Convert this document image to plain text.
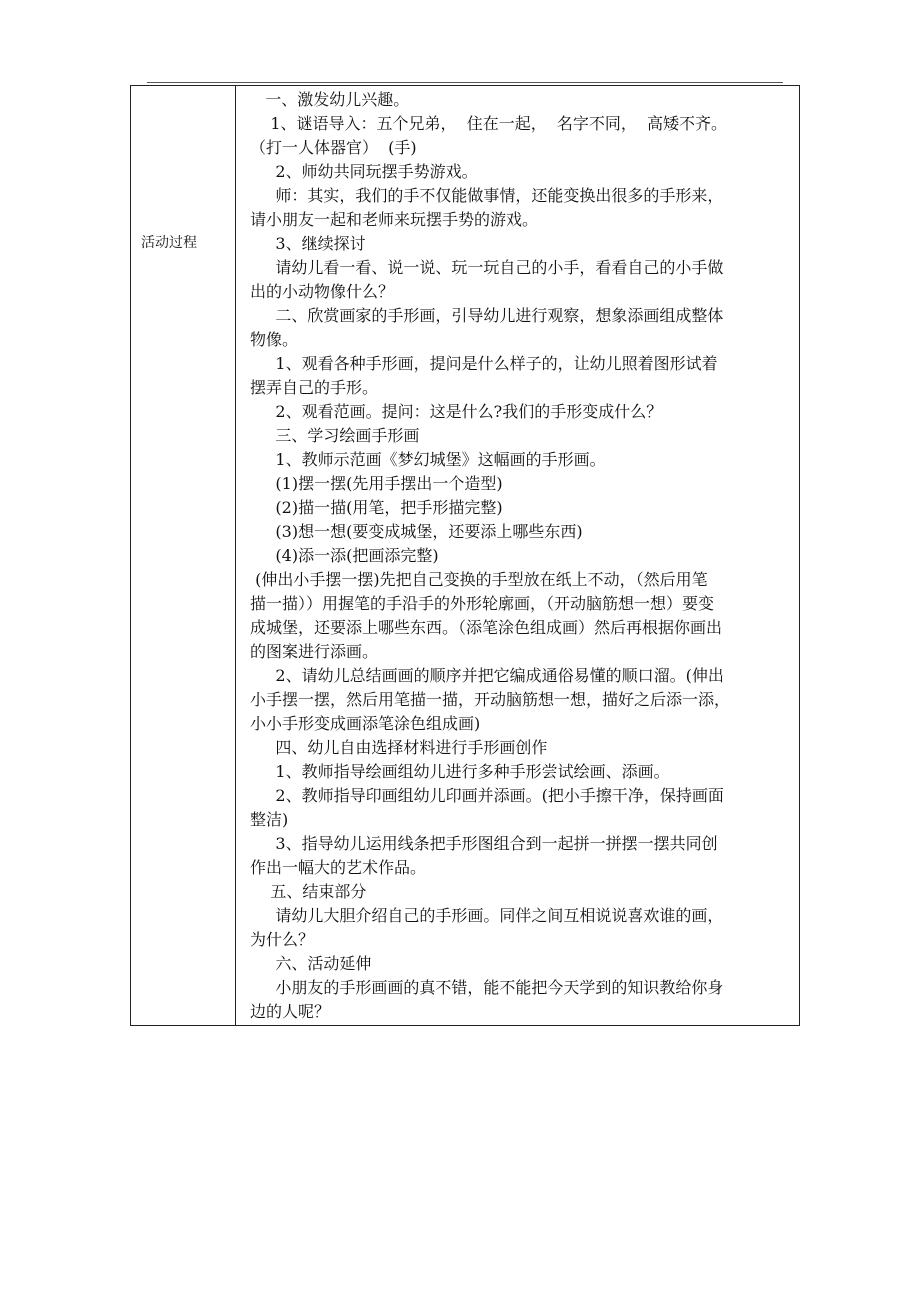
活动过程
一、激发幼儿兴趣。
1、谜语导入：五个兄弟，  住在一起，  名字不同，  高矮不齐。
（打一人体器官）  (手)
2、师幼共同玩摆手势游戏。
师：其实，我们的手不仅能做事情，还能变换出很多的手形来，
请小朋友一起和老师来玩摆手势的游戏。
3、继续探讨
请幼儿看一看、说一说、玩一玩自己的小手，看看自己的小手做
出的小动物像什么？
二、欣赏画家的手形画，引导幼儿进行观察，想象添画组成整体
物像。
1、观看各种手形画，提问是什么样子的，让幼儿照着图形试着
摆弄自己的手形。
2、观看范画。提问：这是什么?我们的手形变成什么？
三、学习绘画手形画
1、教师示范画《梦幻城堡》这幅画的手形画。
(1)摆一摆(先用手摆出一个造型)
(2)描一描(用笔，把手形描完整)
(3)想一想(要变成城堡，还要添上哪些东西)
(4)添一添(把画添完整)
(伸出小手摆一摆)先把自己变换的手型放在纸上不动，（然后用笔
描一描））用握笔的手沿手的外形轮廓画，（开动脑筋想一想）要变
成城堡，还要添上哪些东西。（添笔涂色组成画）然后再根据你画出
的图案进行添画。
2、请幼儿总结画画的顺序并把它编成通俗易懂的顺口溜。(伸出
小手摆一摆，然后用笔描一描，开动脑筋想一想，描好之后添一添，
小小手形变成画添笔涂色组成画)
四、幼儿自由选择材料进行手形画创作
1、教师指导绘画组幼儿进行多种手形尝试绘画、添画。
2、教师指导印画组幼儿印画并添画。(把小手擦干净，保持画面
整洁)
3、指导幼儿运用线条把手形图组合到一起拼一拼摆一摆共同创
作出一幅大的艺术作品。
五、结束部分
请幼儿大胆介绍自己的手形画。同伴之间互相说说喜欢谁的画，
为什么？
六、活动延伸
小朋友的手形画画的真不错，能不能把今天学到的知识教给你身
边的人呢？
